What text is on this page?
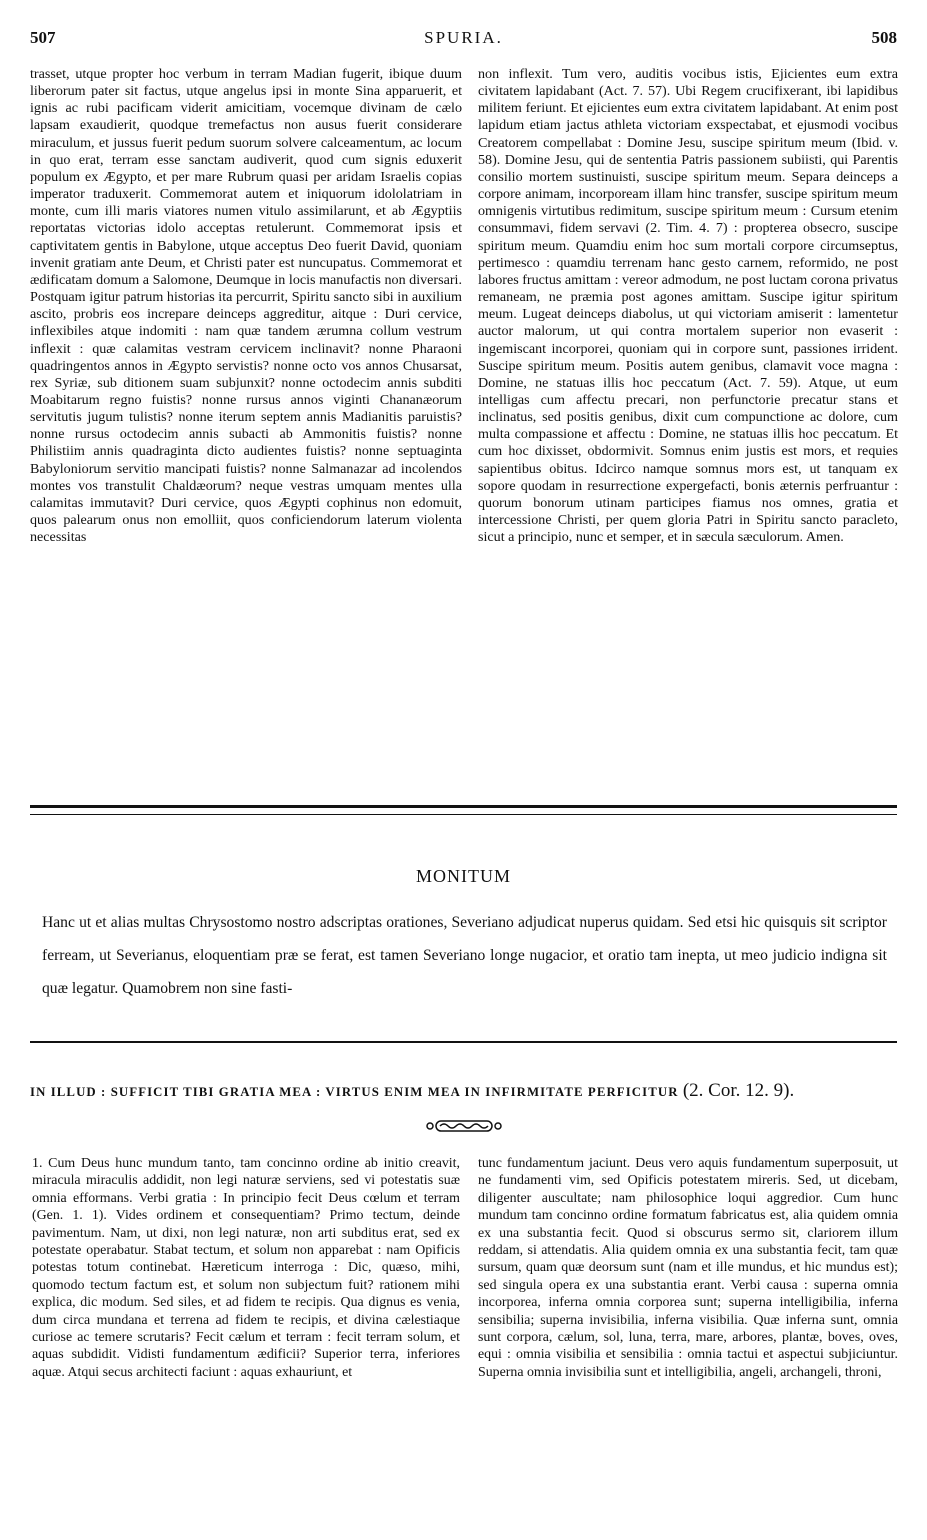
507	SPURIA.	508

trasset, utque propter hoc verbum in terram Madian fugerit, ibique duum liberorum pater sit factus, utque angelus ipsi in monte Sina apparuerit, et ignis ac rubi pacificam viderit amicitiam, vocemque divinam de cælo lapsam exaudierit, quodque tremefactus non ausus fuerit considerare miraculum, et jussus fuerit pedum suorum solvere calceamentum, ac locum in quo erat, terram esse sanctam audiverit, quod cum signis eduxerit populum ex Ægypto, et per mare Rubrum quasi per aridam Israelis copias imperator traduxerit. Commemorat autem et iniquorum idololatriam in monte, cum illi maris viatores numen vitulo assimilarunt, et ab Ægyptiis reportatas victorias idolo acceptas retulerunt. Commemorat ipsis et captivitatem gentis in Babylone, utque acceptus Deo fuerit David, quoniam invenit gratiam ante Deum, et Christi pater est nuncupatus. Commemorat et ædificatam domum a Salomone, Deumque in locis manufactis non diversari. Postquam igitur patrum historias ita percurrit, Spiritu sancto sibi in auxilium ascito, probris eos increpare deinceps aggreditur, aitque : Duri cervice, inflexibiles atque indomiti : nam quæ tandem ærumna collum vestrum inflexit : quæ calamitas vestram cervicem inclinavit? nonne Pharaoni quadringentos annos in Ægypto servistis? nonne octo vos annos Chusarsat, rex Syriæ, sub ditionem suam subjunxit? nonne octodecim annis subditi Moabitarum regno fuistis? nonne rursus annos viginti Chananæorum servitutis jugum tulistis? nonne iterum septem annis Madianitis paruistis? nonne rursus octodecim annis subacti ab Ammonitis fuistis? nonne Philistiim annis quadraginta dicto audientes fuistis? nonne septuaginta Babyloniorum servitio mancipati fuistis? nonne Salmanazar ad incolendos montes vos transtulit Chaldæorum? neque vestras umquam mentes ulla calamitas immutavit? Duri cervice, quos Ægypti cophinus non edomuit, quos palearum onus non emolliit, quos conficiendorum laterum violenta necessitas

non inflexit. Tum vero, auditis vocibus istis, Ejicientes eum extra civitatem lapidabant (Act. 7. 57). Ubi Regem crucifixerant, ibi lapidibus militem feriunt. Et ejicientes eum extra civitatem lapidabant. At enim post lapidum etiam jactus athleta victoriam exspectabat, et ejusmodi vocibus Creatorem compellabat : Domine Jesu, suscipe spiritum meum (Ibid. v. 58). Domine Jesu, qui de sententia Patris passionem subiisti, qui Parentis consilio mortem sustinuisti, suscipe spiritum meum. Separa deinceps a corpore animam, incorpoream illam hinc transfer, suscipe spiritum meum omnigenis virtutibus redimitum, suscipe spiritum meum : Cursum etenim consummavi, fidem servavi (2. Tim. 4. 7) : propterea obsecro, suscipe spiritum meum. Quamdiu enim hoc sum mortali corpore circumseptus, pertimesco : quamdiu terrenam hanc gesto carnem, reformido, ne post labores fructus amittam : vereor admodum, ne post luctam corona privatus remaneam, ne præmia post agones amittam. Suscipe igitur spiritum meum. Lugeat deinceps diabolus, ut qui victoriam amiserit : lamentetur auctor malorum, ut qui contra mortalem superior non evaserit : ingemiscant incorporei, quoniam qui in corpore sunt, passiones irrident. Suscipe spiritum meum. Positis autem genibus, clamavit voce magna : Domine, ne statuas illis hoc peccatum (Act. 7. 59). Atque, ut eum intelligas cum affectu precari, non perfunctorie precatur stans et inclinatus, sed positis genibus, dixit cum compunctione ac dolore, cum multa compassione et affectu : Domine, ne statuas illis hoc peccatum. Et cum hoc dixisset, obdormivit. Somnus enim justis est mors, et requies sapientibus obitus. Idcirco namque somnus mors est, ut tanquam ex sopore quodam in resurrectione expergefacti, bonis æternis perfruantur : quorum bonorum utinam participes fiamus nos omnes, gratia et intercessione Christi, per quem gloria Patri in Spiritu sancto paracleto, sicut a principio, nunc et semper, et in sæcula sæculorum. Amen.

MONITUM

Hanc ut et alias multas Chrysostomo nostro adscriptas orationes, Severiano adjudicat nuperus quidam. Sed etsi hic quisquis sit scriptor ferream, ut Severianus, eloquentiam præ se ferat, est tamen Severiano longe nugacior, et oratio tam inepta, ut meo judicio indigna sit quæ legatur. Quamobrem non sine fasti-

IN ILLUD : SUFFICIT TIBI GRATIA MEA : VIRTUS ENIM MEA IN INFIRMITATE PERFICITUR (2. Cor. 12. 9).

1. Cum Deus hunc mundum tanto, tam concinno ordine ab initio creavit, miracula miraculis addidit, non legi naturæ serviens, sed vi potestatis suæ omnia efformans. Verbi gratia : In principio fecit Deus cœlum et terram (Gen. 1. 1). Vides ordinem et consequentiam? Primo tectum, deinde pavimentum. Nam, ut dixi, non legi naturæ, non arti subditus erat, sed ex potestate operabatur. Stabat tectum, et solum non apparebat : nam Opificis potestas totum continebat. Hæreticum interroga : Dic, quæso, mihi, quomodo tectum factum est, et solum non subjectum fuit? rationem mihi explica, dic modum. Sed siles, et ad fidem te recipis. Qua dignus es venia, dum circa mundana et terrena ad fidem te recipis, et divina cælestiaque curiose ac temere scrutaris? Fecit cælum et terram : fecit terram solum, et aquas subdidit. Vidisti fundamentum ædificii? Superior terra, inferiores aquæ. Atqui secus architecti faciunt : aquas exhauriunt, et

tunc fundamentum jaciunt. Deus vero aquis fundamentum superposuit, ut ne fundamenti vim, sed Opificis potestatem mireris. Sed, ut dicebam, diligenter auscultate; nam philosophice loqui aggredior. Cum hunc mundum tam concinno ordine formatum fabricatus est, alia quidem omnia ex una substantia fecit. Quod si obscurus sermo sit, clariorem illum reddam, si attendatis. Alia quidem omnia ex una substantia fecit, tam quæ sursum, quam quæ deorsum sunt (nam et ille mundus, et hic mundus est); sed singula opera ex una substantia erant. Verbi causa : superna omnia incorporea, inferna omnia corporea sunt; superna intelligibilia, inferna sensibilia; superna invisibilia, inferna visibilia. Quæ inferna sunt, omnia sunt corpora, cælum, sol, luna, terra, mare, arbores, plantæ, boves, oves, equi : omnia visibilia et sensibilia : omnia tactui et aspectui subjiciuntur. Superna omnia invisibilia sunt et intelligibilia, angeli, archangeli, throni,
